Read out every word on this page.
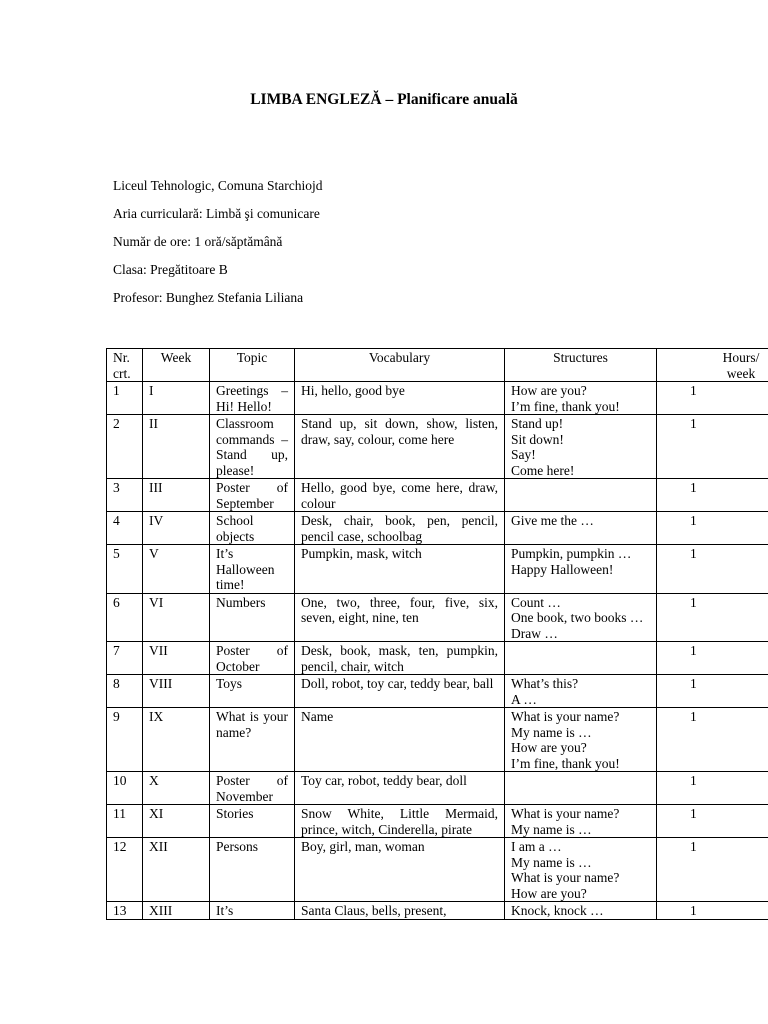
LIMBA ENGLEZĂ – Planificare anuală
Liceul Tehnologic, Comuna Starchiojd
Aria curriculară: Limbă şi comunicare
Număr de ore: 1 oră/săptămână
Clasa: Pregătitoare B
Profesor: Bunghez Stefania Liliana
Nr. crt.	Week	Topic	Vocabulary	Structures	Hours/ week
1	I	Greetings – Hi! Hello!	Hi, hello, good bye	How are you?
I’m fine, thank you!	1
2	II	Classroom commands – Stand up, please!	Stand up, sit down, show, listen, draw, say, colour, come here	Stand up!
Sit down!
Say!
Come here!	1
3	III	Poster of September	Hello, good bye, come here, draw, colour		1
4	IV	School objects	Desk, chair, book, pen, pencil, pencil case, schoolbag	Give me the …	1
5	V	It’s Halloween time!	Pumpkin, mask, witch	Pumpkin, pumpkin …
Happy Halloween!	1
6	VI	Numbers	One, two, three, four, five, six, seven, eight, nine, ten	Count …
One book, two books …
Draw …	1
7	VII	Poster of October	Desk, book, mask, ten, pumpkin, pencil, chair, witch		1
8	VIII	Toys	Doll, robot, toy car, teddy bear, ball	What’s this?
A …	1
9	IX	What is your name?	Name	What is your name?
My name is …
How are you?
I’m fine, thank you!	1
10	X	Poster of November	Toy car, robot, teddy bear, doll		1
11	XI	Stories	Snow White, Little Mermaid, prince, witch, Cinderella, pirate	What is your name?
My name is …	1
12	XII	Persons	Boy, girl, man, woman	I am a …
My name is …
What is your name?
How are you?	1
13	XIII	It’s	Santa Claus, bells, present,	Knock, knock …	1
